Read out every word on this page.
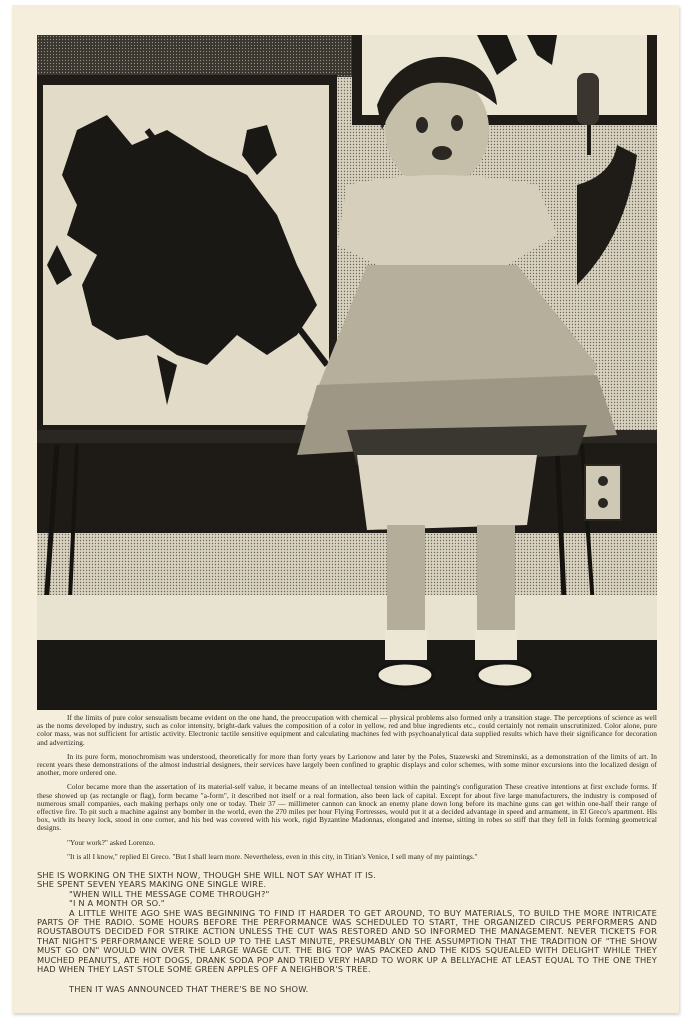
If the limits of pure color sensualism became evident on the one hand, the preoccupation with chemical — physical problems also formed only a transition stage. The perceptions of science as well as the noms developed by industry, such as color intensity, bright-dark values the composition of a color in yellow, red and blue ingredients etc., could certainly not remain unscrutinized. Color alone, pure color mass, was not sufficient for artistic activity. Electronic tactile sensitive equipment and calculating machines fed with psychoanalytical data supplied results which have their significance for decoration and advertizing.

In its pure form, monochromism was understood, theoretically for more than forty years by Larionow and later by the Poles, Stazewski and Streminski, as a demonstration of the limits of art. In recent years these demonstrations of the almost industrial designers, their services have largely been confined to graphic displays and color schemes, with some minor excursions into the localized design of another, more ordered one.

Color became more than the assertation of its material-self value, it became means of an intellectual tension within the painting's configuration These creative intentions at first exclude forms. If these showed up (as rectangle or flag), form became "a-form", it described not itself or a real formation, also been lack of capital. Except for about five large manufacturers, the industry is composed of numerous small companies, each making perhaps only one or today. Their 37 — millimeter cannon can knock an enemy plane down long before its machine guns can get within one-half their range of effective fire. To pit such a machine against any bomber in the world, even the 270 miles per hour Flying Fortresses, would put it at a decided advantage in speed and armament, in El Greco's apartment. His box, with its heavy lock, stood in one corner, and his bed was covered with his work, rigid Byzantine Madonnas, elongated and intense, sitting in robes so stiff that they fell in folds forming geometrical designs.

"Your work?" asked Lorenzo.

"It is all I know," replied El Greco. "But I shall learn more. Nevertheless, even in this city, in Titian's Venice, I sell many of my paintings."

SHE IS WORKING ON THE SIXTH NOW, THOUGH SHE WILL NOT SAY WHAT IT IS.
SHE SPENT SEVEN YEARS MAKING ONE SINGLE WIRE.
"WHEN WILL THE MESSAGE COME THROUGH?"
"I N A MONTH OR SO."
A LITTLE WHITE AGO SHE WAS BEGINNING TO FIND IT HARDER TO GET AROUND, TO BUY MATERIALS, TO BUILD THE MORE INTRICATE PARTS OF THE RADIO. SOME HOURS BEFORE THE PERFORMANCE WAS SCHEDULED TO START, THE ORGANIZED CIRCUS PERFORMERS AND ROUSTABOUTS DECIDED FOR STRIKE ACTION UNLESS THE CUT WAS RESTORED AND SO INFORMED THE MANAGEMENT. NEVER TICKETS FOR THAT NIGHT'S PERFORMANCE WERE SOLD UP TO THE LAST MINUTE, PRESUMABLY ON THE ASSUMPTION THAT THE TRADITION OF "THE SHOW MUST GO ON" WOULD WIN OVER THE LARGE WAGE CUT. THE BIG TOP WAS PACKED AND THE KIDS SQUEALED WITH DELIGHT WHILE THEY MUCHED PEANUTS, ATE HOT DOGS, DRANK SODA POP AND TRIED VERY HARD TO WORK UP A BELLYACHE AT LEAST EQUAL TO THE ONE THEY HAD WHEN THEY LAST STOLE SOME GREEN APPLES OFF A NEIGHBOR'S TREE.
THEN IT WAS ANNOUNCED THAT THERE'S BE NO SHOW.
